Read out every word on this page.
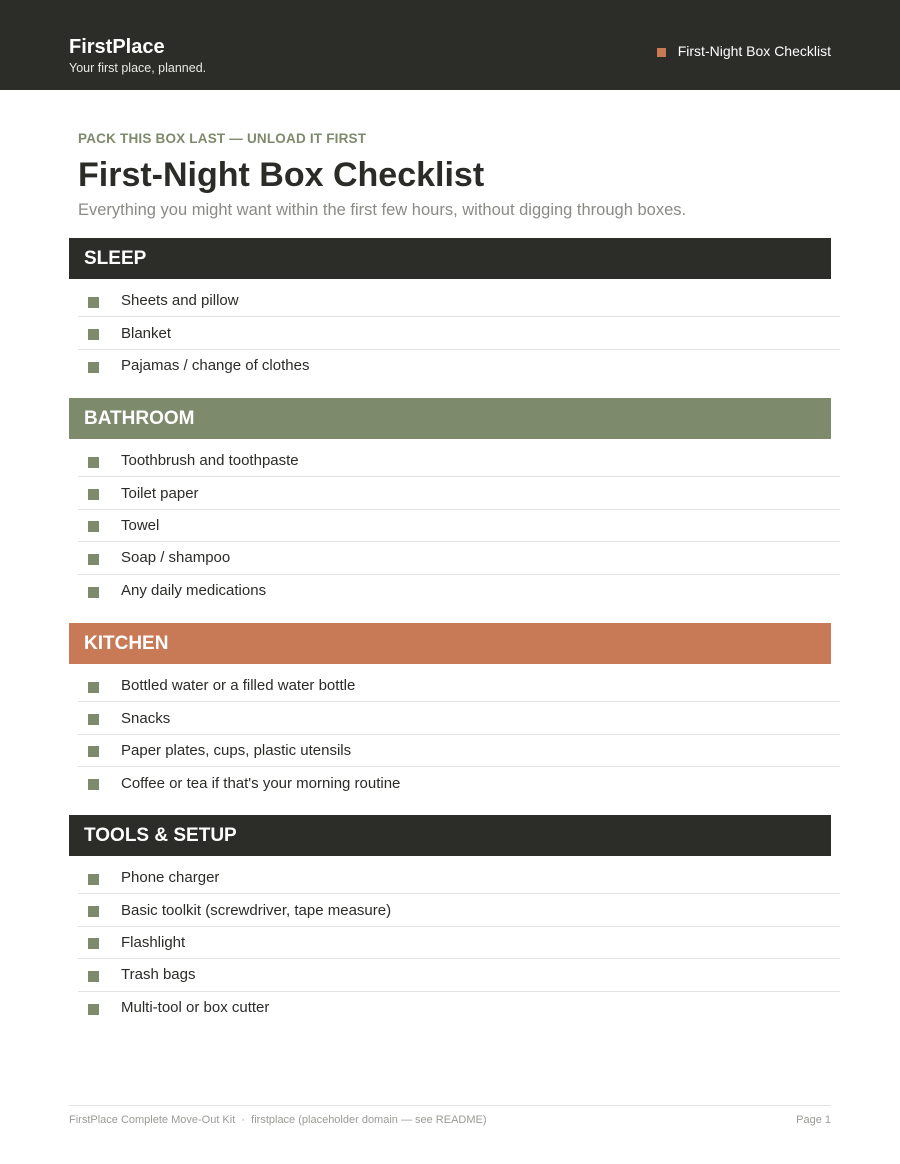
FirstPlace
Your first place, planned.
First-Night Box Checklist
PACK THIS BOX LAST — UNLOAD IT FIRST
First-Night Box Checklist
Everything you might want within the first few hours, without digging through boxes.
SLEEP
Sheets and pillow
Blanket
Pajamas / change of clothes
BATHROOM
Toothbrush and toothpaste
Toilet paper
Towel
Soap / shampoo
Any daily medications
KITCHEN
Bottled water or a filled water bottle
Snacks
Paper plates, cups, plastic utensils
Coffee or tea if that's your morning routine
TOOLS & SETUP
Phone charger
Basic toolkit (screwdriver, tape measure)
Flashlight
Trash bags
Multi-tool or box cutter
FirstPlace Complete Move-Out Kit  ·  firstplace (placeholder domain — see README)	Page 1
